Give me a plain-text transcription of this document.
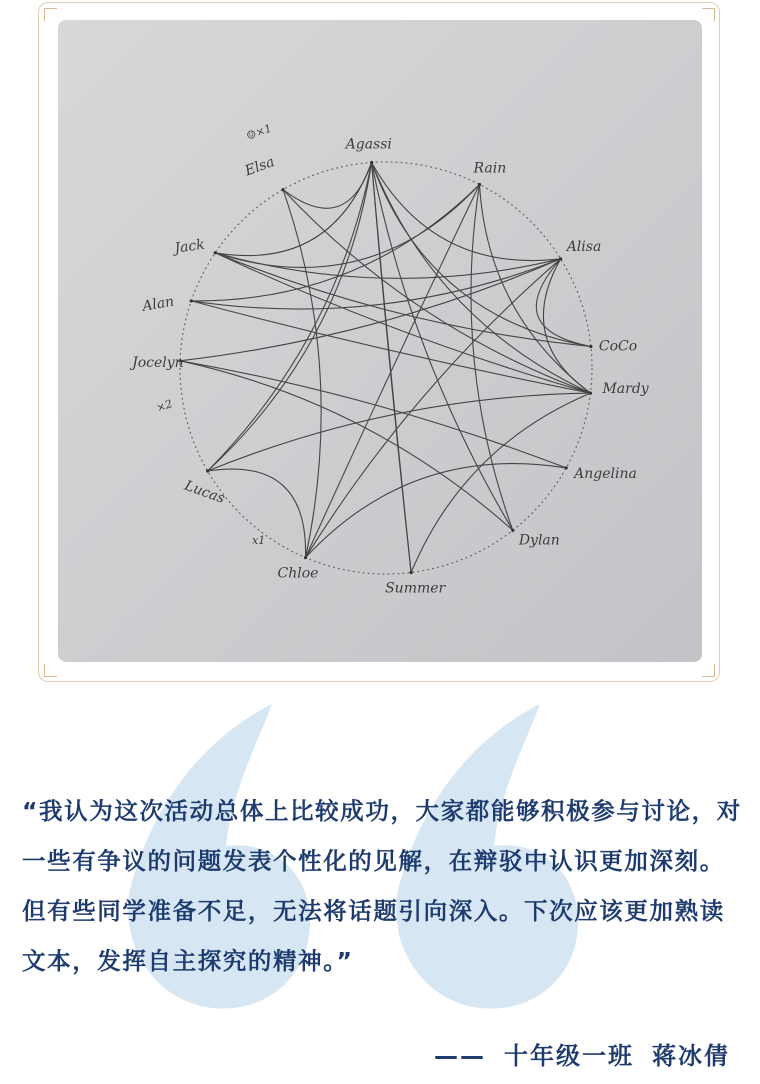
Agassi
Rain
Alisa
CoCo
Mardy
Angelina
Dylan
Summer
Chloe
Lucas
Alan
Jocelyn
Jack
Elsa
☺×1
×2
x1
“我认为这次活动总体上比较成功，大家都能够积极参与讨论，对一些有争议的问题发表个性化的见解，在辩驳中认识更加深刻。但有些同学准备不足，无法将话题引向深入。下次应该更加熟读文本，发挥自主探究的精神。”
—— 十年级一班 蒋冰倩
